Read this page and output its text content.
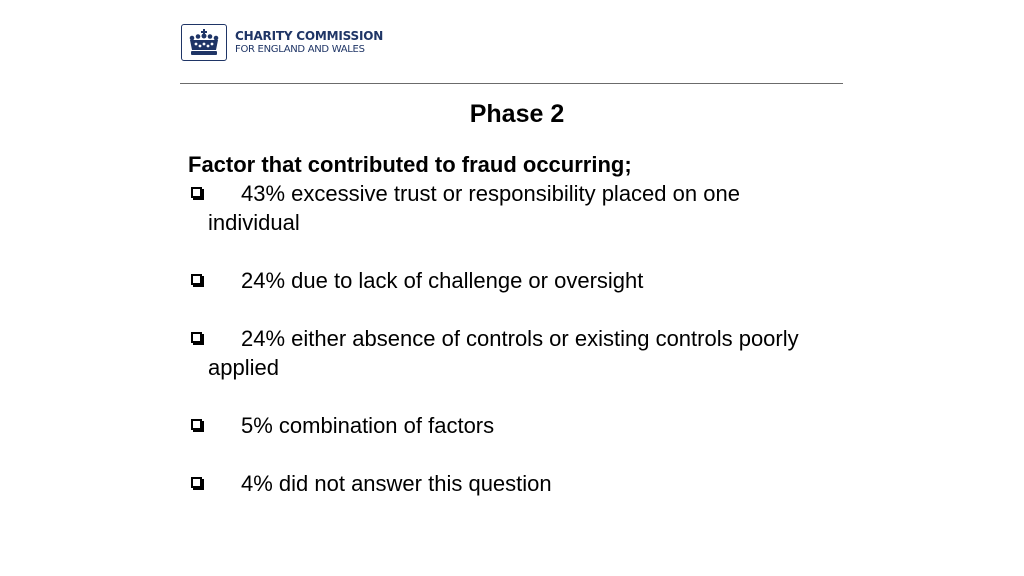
CHARITY COMMISSION
FOR ENGLAND AND WALES
Phase 2
Factor that contributed to fraud occurring;
43% excessive trust or responsibility placed on one individual
24% due to lack of challenge or oversight
24% either absence of controls or existing controls poorly applied
5% combination of factors
4% did not answer this question
